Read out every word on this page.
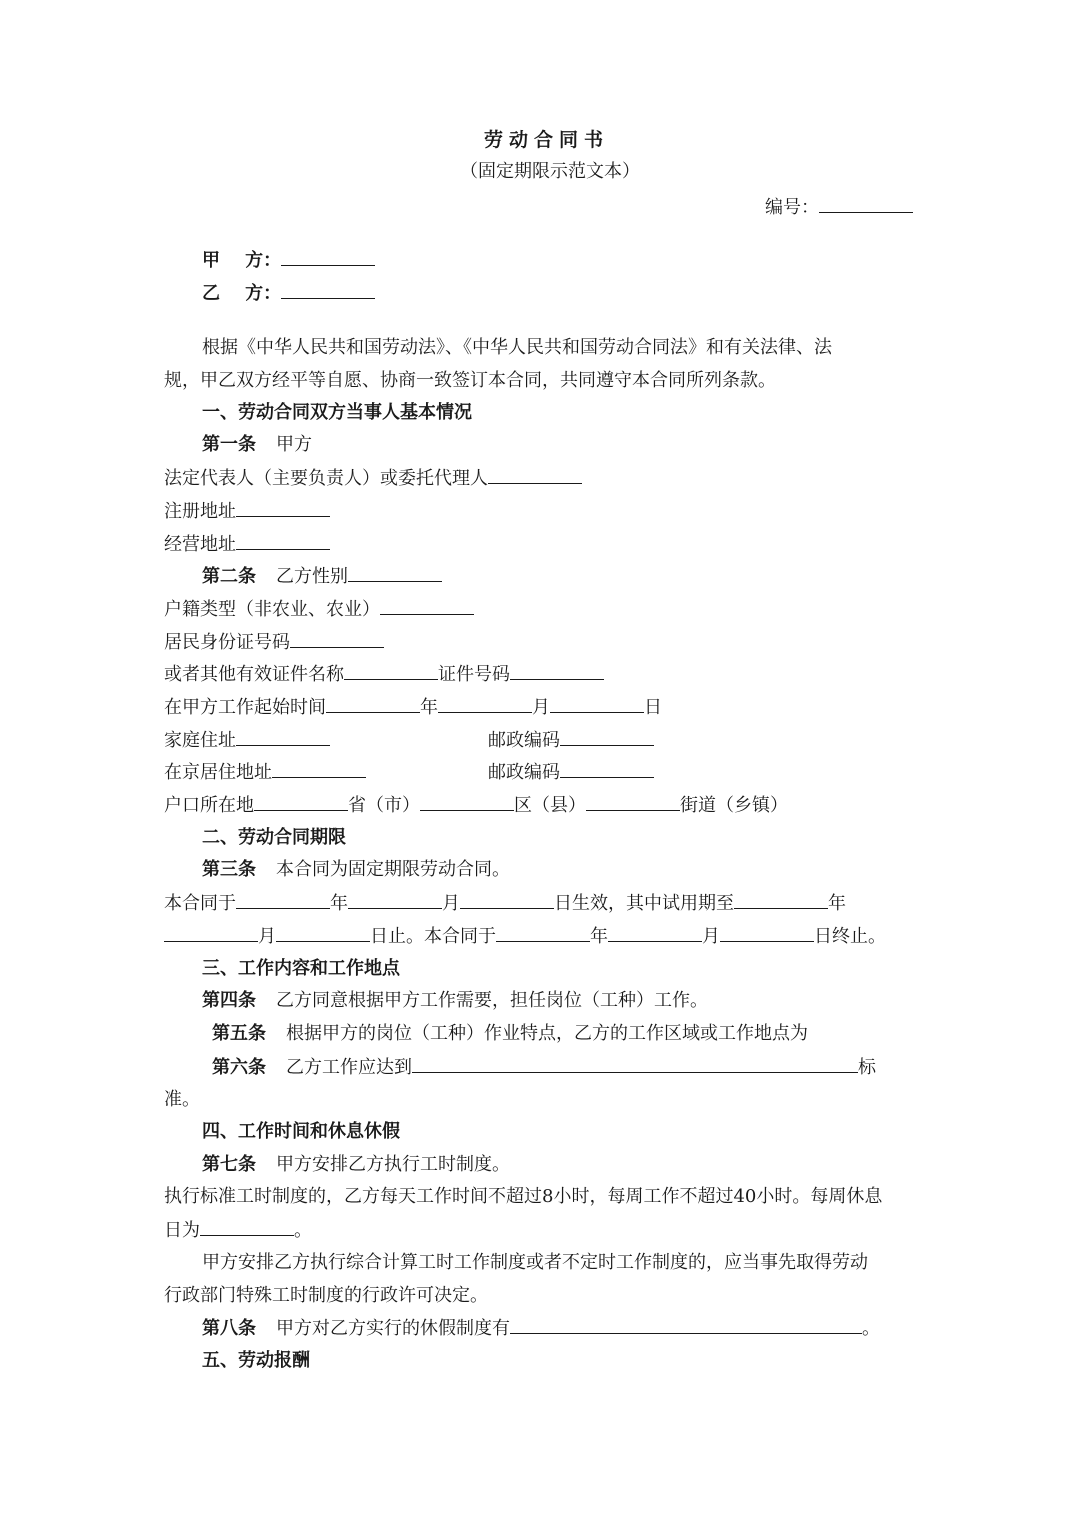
劳动合同书
（固定期限示范文本）
编号：
甲    方：
乙    方：
根据《中华人民共和国劳动法》、《中华人民共和国劳动合同法》和有关法律、法
规，甲乙双方经平等自愿、协商一致签订本合同，共同遵守本合同所列条款。
一、劳动合同双方当事人基本情况
第一条 甲方
法定代表人（主要负责人）或委托代理人
注册地址
经营地址
第二条 乙方性别
户籍类型（非农业、农业）
居民身份证号码
或者其他有效证件名称	证件号码
在甲方工作起始时间	年	月	日
家庭住址	邮政编码
在京居住地址	邮政编码
户口所在地	省（市）	区（县）	街道（乡镇）
二、劳动合同期限
第三条 本合同为固定期限劳动合同。
本合同于	年	月	日生效，其中试用期至	年
月	日止。本合同于	年	月	日终止。
三、工作内容和工作地点
第四条 乙方同意根据甲方工作需要，担任岗位（工种）工作。
第五条 根据甲方的岗位（工种）作业特点，乙方的工作区域或工作地点为
第六条 乙方工作应达到	标
准。
四、工作时间和休息休假
第七条 甲方安排乙方执行工时制度。
执行标准工时制度的，乙方每天工作时间不超过8小时，每周工作不超过40小时。每周休息
日为	。
甲方安排乙方执行综合计算工时工作制度或者不定时工作制度的，应当事先取得劳动
行政部门特殊工时制度的行政许可决定。
第八条 甲方对乙方实行的休假制度有	。
五、劳动报酬
